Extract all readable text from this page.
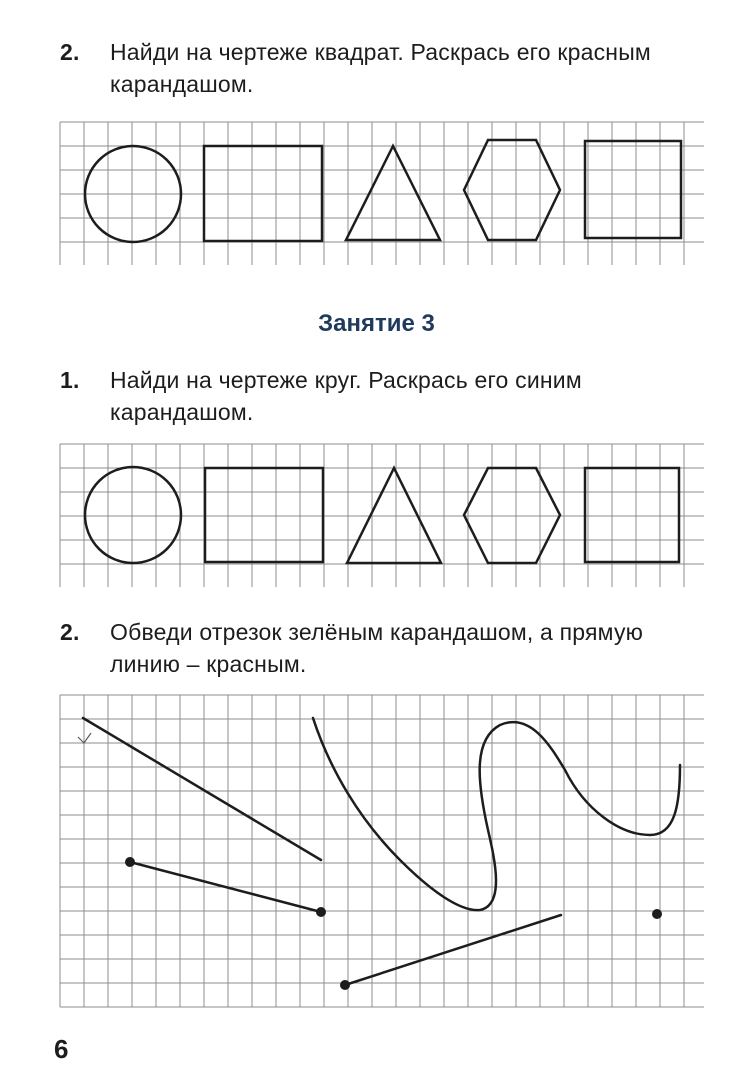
2. Найди на чертеже квадрат. Раскрась его красным карандашом.
Занятие 3
1. Найди на чертеже круг. Раскрась его синим карандашом.
2. Обведи отрезок зелёным карандашом, а прямую линию – красным.
6
